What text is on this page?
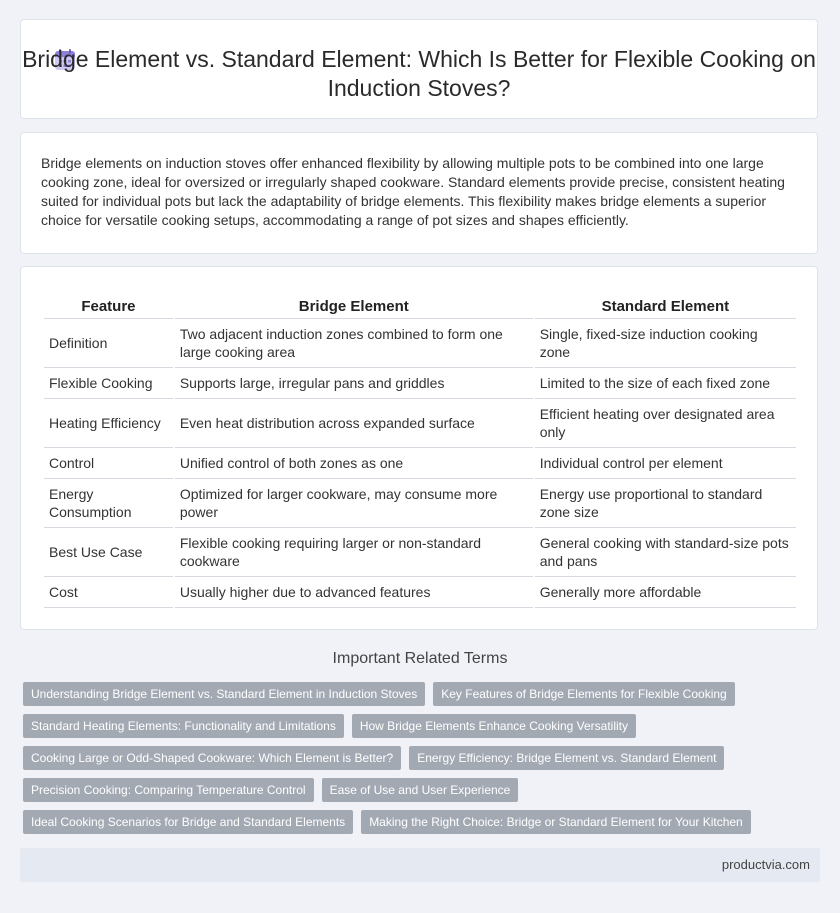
Bridge Element vs. Standard Element: Which Is Better for Flexible Cooking on Induction Stoves?

Bridge elements on induction stoves offer enhanced flexibility by allowing multiple pots to be combined into one large cooking zone, ideal for oversized or irregularly shaped cookware. Standard elements provide precise, consistent heating suited for individual pots but lack the adaptability of bridge elements. This flexibility makes bridge elements a superior choice for versatile cooking setups, accommodating a range of pot sizes and shapes efficiently.

Feature	Bridge Element	Standard Element
Definition	Two adjacent induction zones combined to form one large cooking area	Single, fixed-size induction cooking zone
Flexible Cooking	Supports large, irregular pans and griddles	Limited to the size of each fixed zone
Heating Efficiency	Even heat distribution across expanded surface	Efficient heating over designated area only
Control	Unified control of both zones as one	Individual control per element
Energy Consumption	Optimized for larger cookware, may consume more power	Energy use proportional to standard zone size
Best Use Case	Flexible cooking requiring larger or non-standard cookware	General cooking with standard-size pots and pans
Cost	Usually higher due to advanced features	Generally more affordable
Important Related Terms
Understanding Bridge Element vs. Standard Element in Induction Stoves	Key Features of Bridge Elements for Flexible Cooking
Standard Heating Elements: Functionality and Limitations	How Bridge Elements Enhance Cooking Versatility
Cooking Large or Odd-Shaped Cookware: Which Element is Better?	Energy Efficiency: Bridge Element vs. Standard Element
Precision Cooking: Comparing Temperature Control	Ease of Use and User Experience
Ideal Cooking Scenarios for Bridge and Standard Elements	Making the Right Choice: Bridge or Standard Element for Your Kitchen
productvia.com
